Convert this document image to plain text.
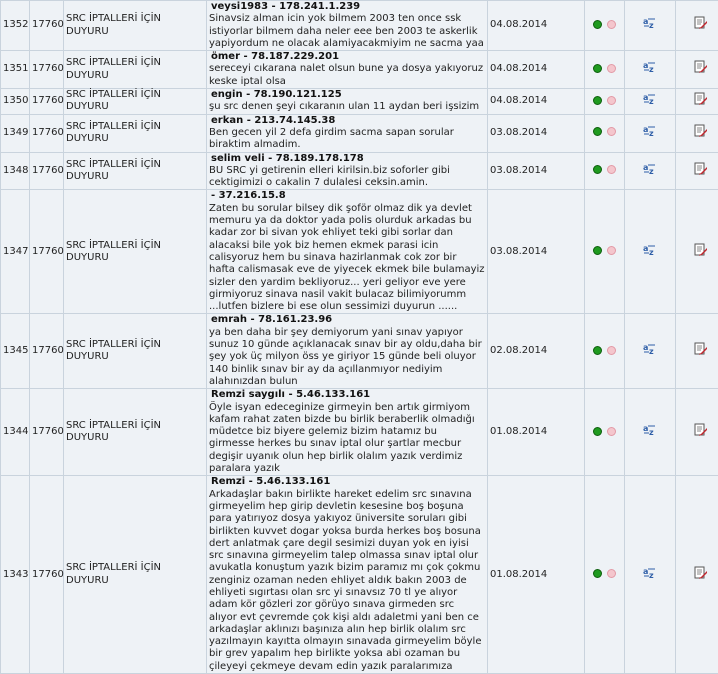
1352	17760	SRC İPTALLERİ İÇİN DUYURU	veysi1983 - 178.241.1.239
Sinavsiz alman icin yok bilmem 2003 ten once ssk istiyorlar bilmem daha neler eee ben 2003 te askerlik yapiyordum ne olacak alamiyacakmiyim ne sacma yaa	04.08.2014		a z

1351	17760	SRC İPTALLERİ İÇİN DUYURU	ömer - 78.187.229.201
sereceyi cıkarana nalet olsun bune ya dosya yakıyoruz keske iptal olsa	04.08.2014		a z

1350	17760	SRC İPTALLERİ İÇİN DUYURU	engin - 78.190.121.125
şu src denen şeyi cıkaranın ulan 11 aydan beri işsizim	04.08.2014		a z

1349	17760	SRC İPTALLERİ İÇİN DUYURU	erkan - 213.74.145.38
Ben gecen yil 2 defa girdim sacma sapan sorular biraktim almadim.	03.08.2014		a z

1348	17760	SRC İPTALLERİ İÇİN DUYURU	selim veli - 78.189.178.178
BU SRC yi getirenin elleri kirilsin.biz soforler gibi cektigimizi o cakalin 7 dulalesi ceksin.amin.	03.08.2014		a z

1347	17760	SRC İPTALLERİ İÇİN DUYURU	- 37.216.15.8
Zaten bu sorular bilsey dik şoför olmaz dik ya devlet memuru ya da doktor yada polis olurduk arkadas bu kadar zor bi sivan yok ehliyet teki gibi sorlar dan alacaksi bile yok biz hemen ekmek parasi icin calisyoruz hem bu sinava hazirlanmak cok zor bir hafta calismasak eve de yiyecek ekmek bile bulamayiz sizler den yardim bekliyoruz... yeri geliyor eve yere girmiyoruz sinava nasil vakit bulacaz bilimiyorumm ...lutfen bizlere bi ese olun sessimizi duyurun ......	03.08.2014		a z

1345	17760	SRC İPTALLERİ İÇİN DUYURU	emrah - 78.161.23.96
ya ben daha bir şey demiyorum yani sınav yapıyor sunuz 10 günde açıklanacak sınav bir ay oldu,daha bir şey yok üç milyon öss ye giriyor 15 günde beli oluyor 140 binlik sınav bir ay da açıllanmıyor nediyim alahınızdan bulun	02.08.2014		a z

1344	17760	SRC İPTALLERİ İÇİN DUYURU	Remzi saygılı - 5.46.133.161
Öyle isyan edeceginize girmeyin ben artık girmiyom kafam rahat zaten bizde bu birlik beraberlik olmadığı müdetce biz biyere gelemiz bizim hatamız bu girmesse herkes bu sınav iptal olur şartlar mecbur degişir uyanık olun hep birlik olalım yazık verdimiz paralara yazık	01.08.2014		a z

1343	17760	SRC İPTALLERİ İÇİN DUYURU	Remzi - 5.46.133.161
Arkadaşlar bakın birlikte hareket edelim src sınavına girmeyelim hep girip devletin kesesine boş boşuna para yatırıyoz dosya yakıyoz üniversite soruları gibi birlikten kuvvet dogar yoksa burda herkes boş bosuna dert anlatmak çare degil sesimizi duyan yok en iyisi src sınavına girmeyelim talep olmassa sınav iptal olur avukatla konuştum yazık bizim paramız mı çok çokmu zenginiz ozaman neden ehliyet aldık bakın 2003 de ehliyeti sıgırtası olan src yi sınavsız 70 tl ye alıyor adam kör gözleri zor görüyo sınava girmeden src alıyor evt çevremde çok kişi aldı adaletmi yani ben ce arkadaşlar aklınızı başınıza alın hep birlik olalım src yazılmayın kayıtta olmayın sınavada girmeyelim böyle bir grev yapalım hep birlikte yoksa abi ozaman bu çileyeyi çekmeye devam edin yazık paralarımıza	01.08.2014		a z
